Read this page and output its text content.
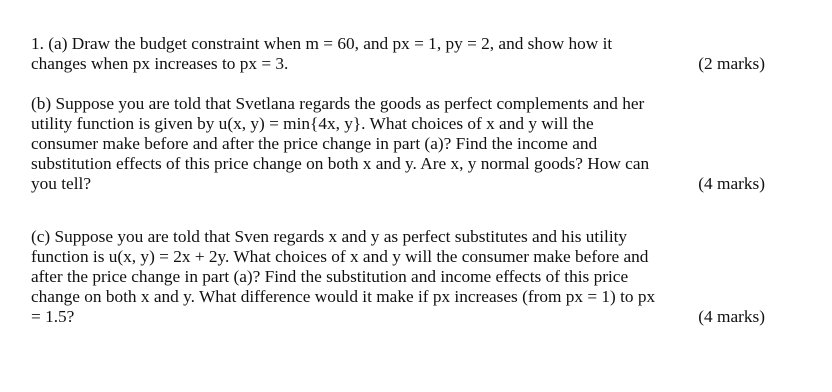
1. (a) Draw the budget constraint when m = 60, and px = 1, py = 2, and show how it
changes when px increases to px = 3.	(2 marks)
(b) Suppose you are told that Svetlana regards the goods as perfect complements and her
utility function is given by u(x, y) = min{4x, y}. What choices of x and y will the
consumer make before and after the price change in part (a)? Find the income and
substitution effects of this price change on both x and y. Are x, y normal goods? How can
you tell?	(4 marks)
(c) Suppose you are told that Sven regards x and y as perfect substitutes and his utility
function is u(x, y) = 2x + 2y. What choices of x and y will the consumer make before and
after the price change in part (a)? Find the substitution and income effects of this price
change on both x and y. What difference would it make if px increases (from px = 1) to px
= 1.5?	(4 marks)
